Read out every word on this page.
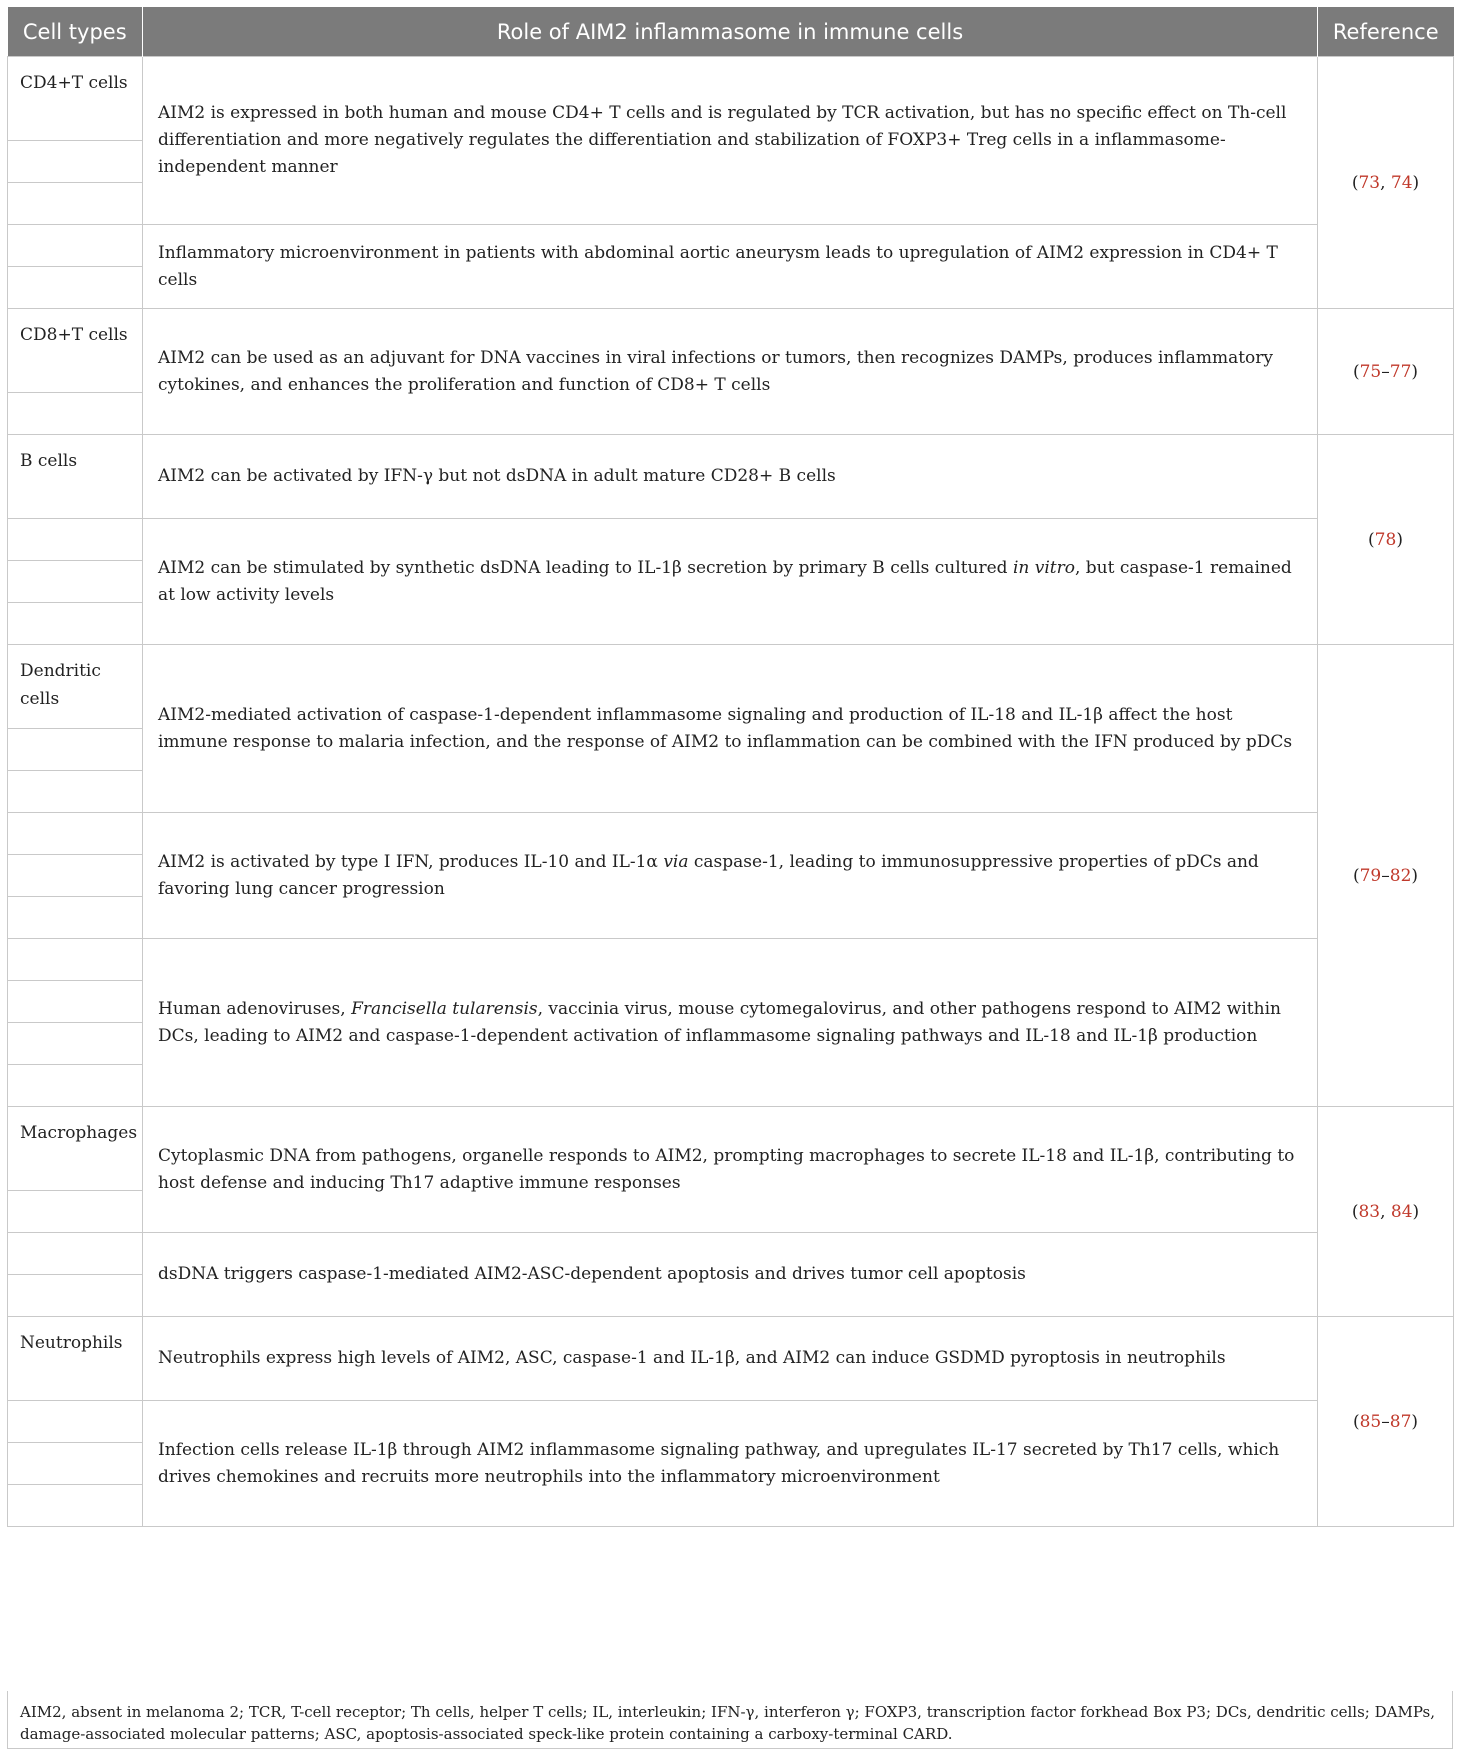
Cell types	Role of AIM2 inflammasome in immune cells	Reference
CD4+T cells	AIM2 is expressed in both human and mouse CD4+ T cells and is regulated by TCR activation, but has no specific effect on Th-cell differentiation and more negatively regulates the differentiation and stabilization of FOXP3+ Treg cells in a inflammasome-independent manner	(73, 74)

	Inflammatory microenvironment in patients with abdominal aortic aneurysm leads to upregulation of AIM2 expression in CD4+ T cells	

CD8+T cells	AIM2 can be used as an adjuvant for DNA vaccines in viral infections or tumors, then recognizes DAMPs, produces inflammatory cytokines, and enhances the proliferation and function of CD8+ T cells	(75–77)

B cells	AIM2 can be activated by IFN-γ but not dsDNA in adult mature CD28+ B cells	(78)

	AIM2 can be stimulated by synthetic dsDNA leading to IL-1β secretion by primary B cells cultured in vitro, but caspase-1 remained at low activity levels	

Dendritic cells	AIM2-mediated activation of caspase-1-dependent inflammasome signaling and production of IL-18 and IL-1β affect the host immune response to malaria infection, and the response of AIM2 to inflammation can be combined with the IFN produced by pDCs	(79–82)

	AIM2 is activated by type I IFN, produces IL-10 and IL-1α via caspase-1, leading to immunosuppressive properties of pDCs and favoring lung cancer progression	

	Human adenoviruses, Francisella tularensis, vaccinia virus, mouse cytomegalovirus, and other pathogens respond to AIM2 within DCs, leading to AIM2 and caspase-1-dependent activation of inflammasome signaling pathways and IL-18 and IL-1β production	

Macrophages	Cytoplasmic DNA from pathogens, organelle responds to AIM2, prompting macrophages to secrete IL-18 and IL-1β, contributing to host defense and inducing Th17 adaptive immune responses	(83, 84)

	dsDNA triggers caspase-1-mediated AIM2-ASC-dependent apoptosis and drives tumor cell apoptosis	

Neutrophils	Neutrophils express high levels of AIM2, ASC, caspase-1 and IL-1β, and AIM2 can induce GSDMD pyroptosis in neutrophils	(85–87)

	Infection cells release IL-1β through AIM2 inflammasome signaling pathway, and upregulates IL-17 secreted by Th17 cells, which drives chemokines and recruits more neutrophils into the inflammatory microenvironment	

AIM2, absent in melanoma 2; TCR, T-cell receptor; Th cells, helper T cells; IL, interleukin; IFN-γ, interferon γ; FOXP3, transcription factor forkhead Box P3; DCs, dendritic cells; DAMPs, damage-associated molecular patterns; ASC, apoptosis-associated speck-like protein containing a carboxy-terminal CARD.
